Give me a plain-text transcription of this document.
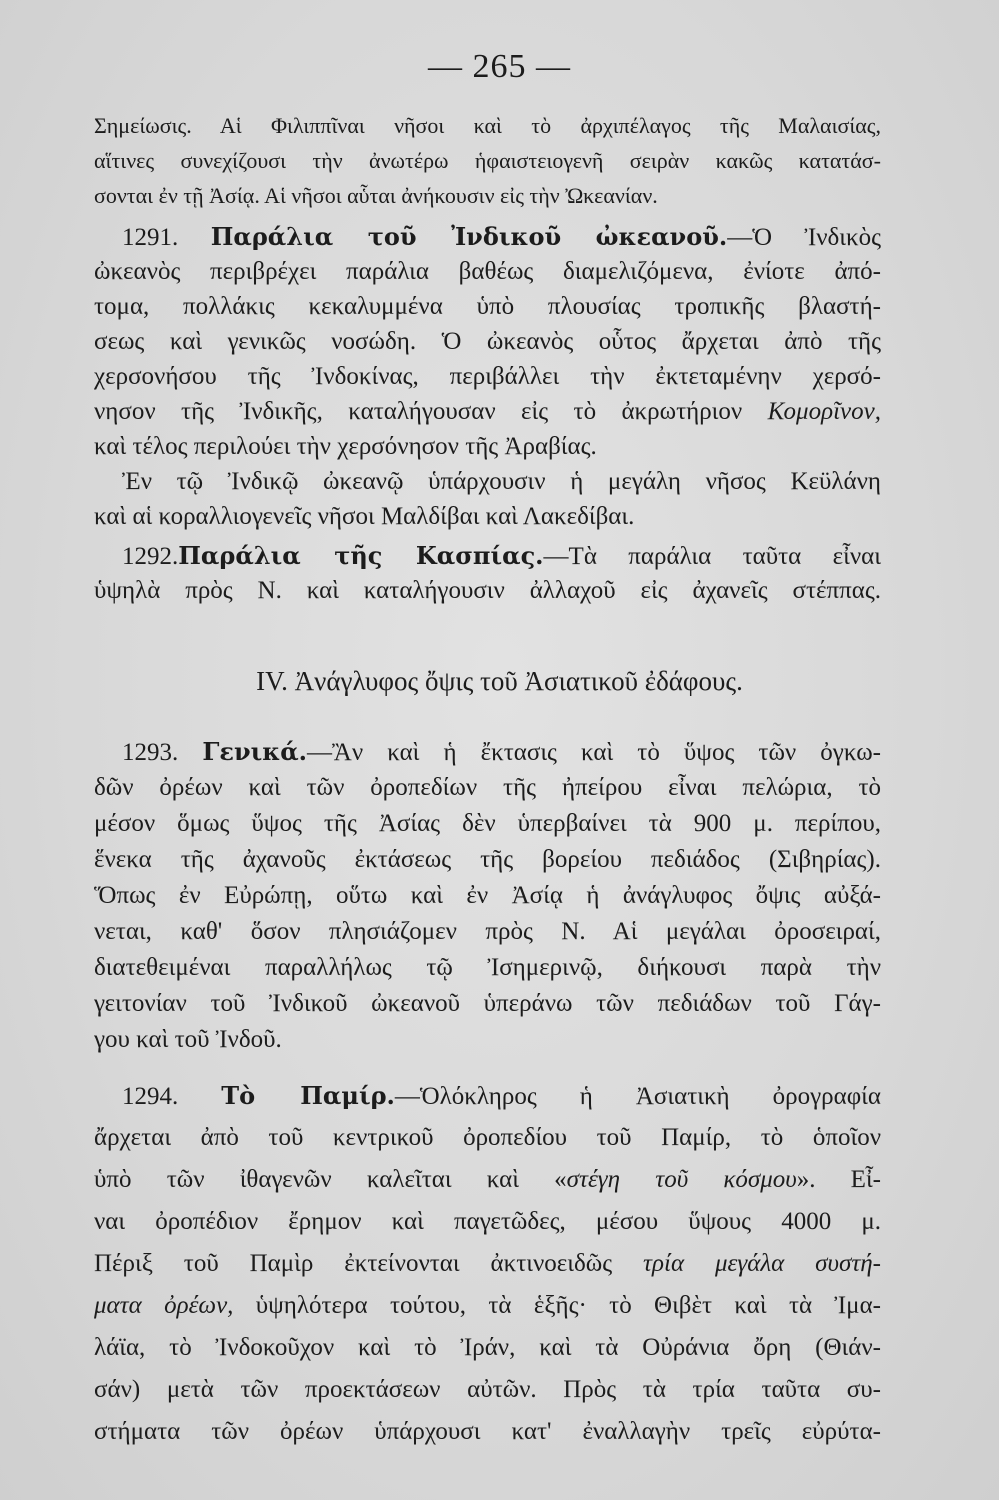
— 265 —
Σημείωσις. Αἱ Φιλιππῖναι νῆσοι καὶ τὸ ἀρχιπέλαγος τῆς Μαλαισίας,
αἵτινες συνεχίζουσι τὴν ἀνωτέρω ἡφαιστειογενῆ σειρὰν κακῶς κατατάσ-
σονται ἐν τῇ Ἀσίᾳ. Αἱ νῆσοι αὗται ἀνήκουσιν εἰς τὴν Ὠκεανίαν.
1291. Παράλια τοῦ Ἰνδικοῦ ὠκεανοῦ.—Ὁ Ἰνδικὸς
ὠκεανὸς περιβρέχει παράλια βαθέως διαμελιζόμενα, ἐνίοτε ἀπό-
τομα, πολλάκις κεκαλυμμένα ὑπὸ πλουσίας τροπικῆς βλαστή-
σεως καὶ γενικῶς νοσώδη. Ὁ ὠκεανὸς οὗτος ἄρχεται ἀπὸ τῆς
χερσονήσου τῆς Ἰνδοκίνας, περιβάλλει τὴν ἐκτεταμένην χερσό-
νησον τῆς Ἰνδικῆς, καταλήγουσαν εἰς τὸ ἀκρωτήριον Κομορῖνον,
καὶ τέλος περιλούει τὴν χερσόνησον τῆς Ἀραβίας.
Ἐν τῷ Ἰνδικῷ ὠκεανῷ ὑπάρχουσιν ἡ μεγάλη νῆσος Κεϋλάνη
καὶ αἱ κοραλλιογενεῖς νῆσοι Μαλδίβαι καὶ Λακεδίβαι.
1292.Παράλια τῆς Κασπίας.—Τὰ παράλια ταῦτα εἶναι
ὑψηλὰ πρὸς Ν. καὶ καταλήγουσιν ἀλλαχοῦ εἰς ἀχανεῖς στέππας.
IV. Ἀνάγλυφος ὄψις τοῦ Ἀσιατικοῦ ἐδάφους.
1293. Γενικά.—Ἂν καὶ ἡ ἔκτασις καὶ τὸ ὕψος τῶν ὀγκω-
δῶν ὀρέων καὶ τῶν ὀροπεδίων τῆς ἠπείρου εἶναι πελώρια, τὸ
μέσον ὅμως ὕψος τῆς Ἀσίας δὲν ὑπερβαίνει τὰ 900 μ. περίπου,
ἕνεκα τῆς ἀχανοῦς ἐκτάσεως τῆς βορείου πεδιάδος (Σιβηρίας).
Ὅπως ἐν Εὐρώπῃ, οὕτω καὶ ἐν Ἀσίᾳ ἡ ἀνάγλυφος ὄψις αὐξά-
νεται, καθ' ὅσον πλησιάζομεν πρὸς Ν. Αἱ μεγάλαι ὀροσειραί,
διατεθειμέναι παραλλήλως τῷ Ἰσημερινῷ, διήκουσι παρὰ τὴν
γειτονίαν τοῦ Ἰνδικοῦ ὠκεανοῦ ὑπεράνω τῶν πεδιάδων τοῦ Γάγ-
γου καὶ τοῦ Ἰνδοῦ.
1294. Τὸ Παμίρ.—Ὁλόκληρος ἡ Ἀσιατικὴ ὀρογραφία
ἄρχεται ἀπὸ τοῦ κεντρικοῦ ὀροπεδίου τοῦ Παμίρ, τὸ ὁποῖον
ὑπὸ τῶν ἰθαγενῶν καλεῖται καὶ «στέγη τοῦ κόσμου». Εἶ-
ναι ὀροπέδιον ἔρημον καὶ παγετῶδες, μέσου ὕψους 4000 μ.
Πέριξ τοῦ Παμὶρ ἐκτείνονται ἀκτινοειδῶς τρία μεγάλα συστή-
ματα ὀρέων, ὑψηλότερα τούτου, τὰ ἑξῆς· τὸ Θιβὲτ καὶ τὰ Ἰμα-
λάϊα, τὸ Ἰνδοκοῦχον καὶ τὸ Ἰράν, καὶ τὰ Οὐράνια ὄρη (Θιάν-
σάν) μετὰ τῶν προεκτάσεων αὐτῶν. Πρὸς τὰ τρία ταῦτα συ-
στήματα τῶν ὀρέων ὑπάρχουσι κατ' ἐναλλαγὴν τρεῖς εὐρύτα-
